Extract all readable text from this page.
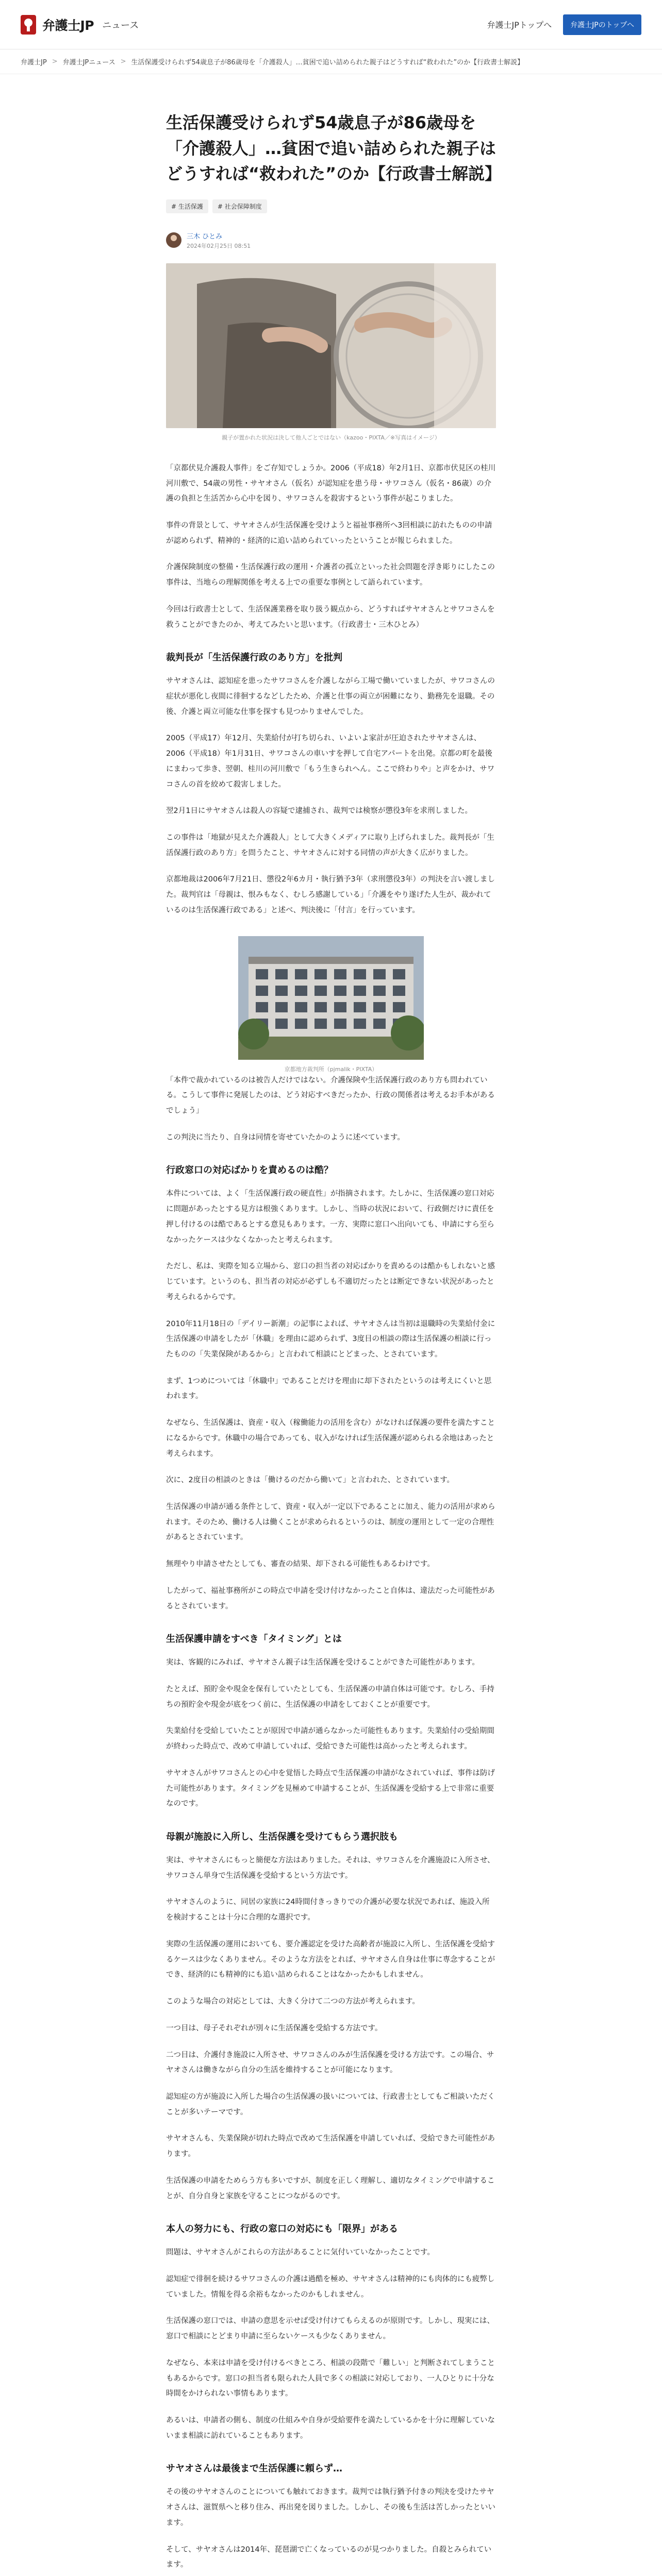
弁護士JP ニュース	弁護士JPトップへ	弁護士JPのトップへ
弁護士JP > 弁護士JPニュース > 生活保護受けられず54歳息子が86歳母を「介護殺人」…貧困で追い詰められた親子はどうすれば“救われた”のか【行政書士解説】
生活保護受けられず54歳息子が86歳母を「介護殺人」…貧困で追い詰められた親子はどうすれば“救われた”のか【行政書士解説】
# 生活保護	# 社会保障制度
三木 ひとみ
2024年02月25日 08:51
親子が置かれた状況は決して他人ごとではない（kazoo・PIXTA／※写真はイメージ）

「京都伏見介護殺人事件」をご存知でしょうか。2006（平成18）年2月1日、京都市伏見区の桂川河川敷で、54歳の男性・サヤオさん（仮名）が認知症を患う母・サワコさん（仮名・86歳）の介護の負担と生活苦から心中を図り、サワコさんを殺害するという事件が起こりました。

事件の背景として、サヤオさんが生活保護を受けようと福祉事務所へ3回相談に訪れたものの申請が認められず、精神的・経済的に追い詰められていったということが報じられました。

介護保険制度の整備・生活保護行政の運用・介護者の孤立といった社会問題を浮き彫りにしたこの事件は、当地らの理解関係を考える上での重要な事例として語られています。

今回は行政書士として、生活保護業務を取り扱う観点から、どうすればサヤオさんとサワコさんを救うことができたのか、考えてみたいと思います。（行政書士・三木ひとみ）

裁判長が「生活保護行政のあり方」を批判

サヤオさんは、認知症を患ったサワコさんを介護しながら工場で働いていましたが、サワコさんの症状が悪化し夜間に徘徊するなどしたため、介護と仕事の両立が困難になり、勤務先を退職。その後、介護と両立可能な仕事を探すも見つかりませんでした。

2005（平成17）年12月、失業給付が打ち切られ、いよいよ家計が圧迫されたサヤオさんは、2006（平成18）年1月31日、サワコさんの車いすを押して自宅アパートを出発。京都の町を最後にまわって歩き、翌朝、桂川の河川敷で「もう生きられへん。ここで終わりや」と声をかけ、サワコさんの首を絞めて殺害しました。

翌2月1日にサヤオさんは殺人の容疑で逮捕され、裁判では検察が懲役3年を求刑しました。

この事件は「地獄が見えた介護殺人」として大きくメディアに取り上げられました。裁判長が「生活保護行政のあり方」を問うたこと、サヤオさんに対する同情の声が大きく広がりました。

京都地裁は2006年7月21日、懲役2年6カ月・執行猶予3年（求刑懲役3年）の判決を言い渡しました。裁判官は「母親は、恨みもなく、むしろ感謝している」「介護をやり遂げた人生が、裁かれているのは生活保護行政である」と述べ、判決後に「付言」を行っています。

京都地方裁判所（pjmalik・PIXTA）

「本件で裁かれているのは被告人だけではない。介護保険や生活保護行政のあり方も問われている。こうして事件に発展したのは、どう対応すべきだったか、行政の関係者は考えるお手本があるでしょう」

この判決に当たり、自身は同情を寄せていたかのように述べています。

行政窓口の対応ばかりを責めるのは酷？

本件については、よく「生活保護行政の硬直性」が指摘されます。たしかに、生活保護の窓口対応に問題があったとする見方は根強くあります。しかし、当時の状況において、行政側だけに責任を押し付けるのは酷であるとする意見もあります。一方、実際に窓口へ出向いても、申請にすら至らなかったケースは少なくなかったと考えられます。

ただし、私は、実際を知る立場から、窓口の担当者の対応ばかりを責めるのは酷かもしれないと感じています。というのも、担当者の対応が必ずしも不適切だったとは断定できない状況があったと考えられるからです。

2010年11月18日の「デイリー新潮」の記事によれば、サヤオさんは当初は退職時の失業給付金に生活保護の申請をしたが「休職」を理由に認められず、3度目の相談の際は生活保護の相談に行ったものの「失業保険があるから」と言われて相談にとどまった、とされています。

まず、1つめについては「休職中」であることだけを理由に却下されたというのは考えにくいと思われます。

なぜなら、生活保護は、資産・収入（稼働能力の活用を含む）がなければ保護の要件を満たすことになるからです。休職中の場合であっても、収入がなければ生活保護が認められる余地はあったと考えられます。

次に、2度目の相談のときは「働けるのだから働いて」と言われた、とされています。

生活保護の申請が通る条件として、資産・収入が一定以下であることに加え、能力の活用が求められます。そのため、働ける人は働くことが求められるというのは、制度の運用として一定の合理性があるとされています。

無理やり申請させたとしても、審査の結果、却下される可能性もあるわけです。

したがって、福祉事務所がこの時点で申請を受け付けなかったこと自体は、違法だった可能性があるとされています。

生活保護申請をすべき「タイミング」とは

実は、客観的にみれば、サヤオさん親子は生活保護を受けることができた可能性があります。

たとえば、預貯金や現金を保有していたとしても、生活保護の申請自体は可能です。むしろ、手持ちの預貯金や現金が底をつく前に、生活保護の申請をしておくことが重要です。

失業給付を受給していたことが原因で申請が通らなかった可能性もあります。失業給付の受給期間が終わった時点で、改めて申請していれば、受給できた可能性は高かったと考えられます。

サヤオさんがサワコさんとの心中を覚悟した時点で生活保護の申請がなされていれば、事件は防げた可能性があります。タイミングを見極めて申請することが、生活保護を受給する上で非常に重要なのです。

母親が施設に入所し、生活保護を受けてもらう選択肢も

実は、サヤオさんにもっと簡便な方法はありました。それは、サワコさんを介護施設に入所させ、サワコさん単身で生活保護を受給するという方法です。

サヤオさんのように、同居の家族に24時間付きっきりでの介護が必要な状況であれば、施設入所を検討することは十分に合理的な選択です。

実際の生活保護の運用においても、要介護認定を受けた高齢者が施設に入所し、生活保護を受給するケースは少なくありません。そのような方法をとれば、サヤオさん自身は仕事に専念することができ、経済的にも精神的にも追い詰められることはなかったかもしれません。

このような場合の対応としては、大きく分けて二つの方法が考えられます。

一つ目は、母子それぞれが別々に生活保護を受給する方法です。

二つ目は、介護付き施設に入所させ、サワコさんのみが生活保護を受ける方法です。この場合、サヤオさんは働きながら自分の生活を維持することが可能になります。

認知症の方が施設に入所した場合の生活保護の扱いについては、行政書士としてもご相談いただくことが多いテーマです。

サヤオさんも、失業保険が切れた時点で改めて生活保護を申請していれば、受給できた可能性があります。

生活保護の申請をためらう方も多いですが、制度を正しく理解し、適切なタイミングで申請することが、自分自身と家族を守ることにつながるのです。

本人の努力にも、行政の窓口の対応にも「限界」がある

問題は、サヤオさんがこれらの方法があることに気付いていなかったことです。

認知症で徘徊を続けるサワコさんの介護は過酷を極め、サヤオさんは精神的にも肉体的にも疲弊していました。情報を得る余裕もなかったのかもしれません。

生活保護の窓口では、申請の意思を示せば受け付けてもらえるのが原則です。しかし、現実には、窓口で相談にとどまり申請に至らないケースも少なくありません。

なぜなら、本来は申請を受け付けるべきところ、相談の段階で「難しい」と判断されてしまうこともあるからです。窓口の担当者も限られた人員で多くの相談に対応しており、一人ひとりに十分な時間をかけられない事情もあります。

あるいは、申請者の側も、制度の仕組みや自身が受給要件を満たしているかを十分に理解していないまま相談に訪れていることもあります。

サヤオさんは最後まで生活保護に頼らず…

その後のサヤオさんのことについても触れておきます。裁判では執行猶予付きの判決を受けたサヤオさんは、滋賀県へと移り住み、再出発を図りました。しかし、その後も生活は苦しかったといいます。

そして、サヤオさんは2014年、琵琶湖で亡くなっているのが見つかりました。自殺とみられています。
